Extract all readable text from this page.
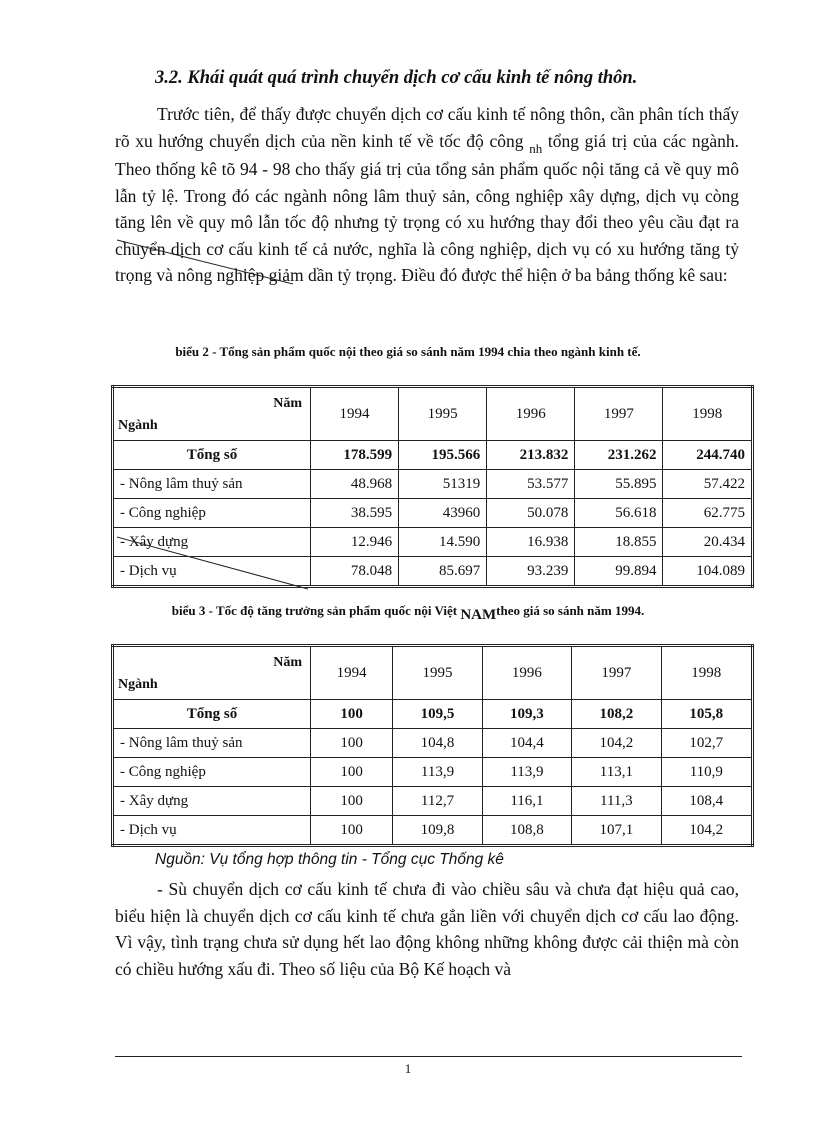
3.2. Khái quát quá trình chuyển dịch cơ cấu kinh tế nông thôn.
Trước tiên, để thấy được chuyển dịch cơ cấu kinh tế nông thôn, cần phân tích thấy rõ xu hướng chuyển dịch của nền kinh tế về tốc độ công $_{nh}$ tổng giá trị của các ngành. Theo thống kê tõ 94 - 98 cho thấy giá trị của tổng sản phẩm quốc nội tăng cả về quy mô lẫn tỷ lệ. Trong đó các ngành nông lâm thuỷ sản, công nghiệp xây dựng, dịch vụ còng tăng lên về quy mô lẫn tốc độ nhưng tỷ trọng có xu hướng thay đổi theo yêu cầu đạt ra chuyển dịch cơ cấu kinh tế cả nước, nghĩa là công nghiệp, dịch vụ có xu hướng tăng tỷ trọng và nông nghiệp giảm dần tỷ trọng. Điều đó được thể hiện ở ba bảng thống kê sau:
biểu 2 - Tổng sản phẩm quốc nội theo giá so sánh năm 1994 chia theo ngành kinh tế.
Năm
Ngành	1994	1995	1996	1997	1998
Tổng số	178.599	195.566	213.832	231.262	244.740
- Nông lâm thuỷ sản	48.968	51319	53.577	55.895	57.422
- Công nghiệp	38.595	43960	50.078	56.618	62.775
- Xây dựng	12.946	14.590	16.938	18.855	20.434
- Dịch vụ	78.048	85.697	93.239	99.894	104.089
biểu 3 - Tốc độ tăng trưởng sản phẩm quốc nội Việt NAMtheo giá so sánh năm 1994.
Năm
Ngành	1994	1995	1996	1997	1998
Tổng số	100	109,5	109,3	108,2	105,8
- Nông lâm thuỷ sản	100	104,8	104,4	104,2	102,7
- Công nghiệp	100	113,9	113,9	113,1	110,9
- Xây dựng	100	112,7	116,1	111,3	108,4
- Dịch vụ	100	109,8	108,8	107,1	104,2
Nguồn: Vụ tổng hợp thông tin - Tổng cục Thống kê
- Sù chuyển dịch cơ cấu kinh tế chưa đi vào chiều sâu và chưa đạt hiệu quả cao, biểu hiện là chuyển dịch cơ cấu kinh tế chưa gắn liền với chuyển dịch cơ cấu lao động. Vì vậy, tình trạng chưa sử dụng hết lao động không những không được cải thiện mà còn có chiều hướng xấu đi. Theo số liệu của Bộ Kế hoạch và
1
